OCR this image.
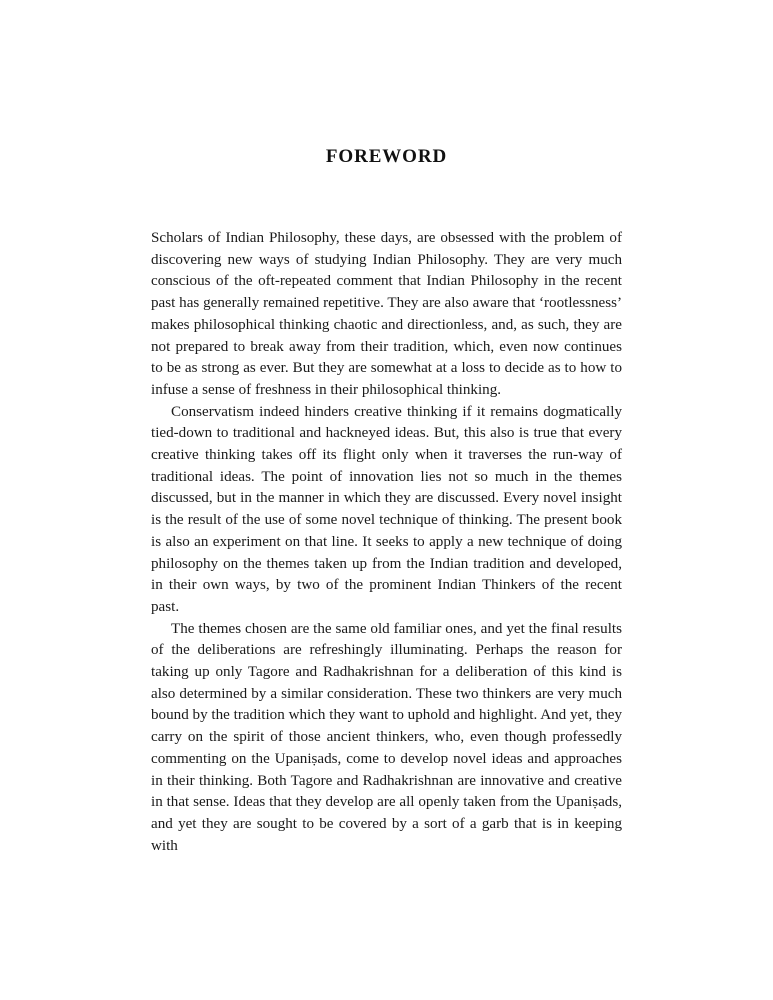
FOREWORD

Scholars of Indian Philosophy, these days, are obsessed with the problem of discovering new ways of studying Indian Philosophy. They are very much conscious of the oft-repeated comment that Indian Philosophy in the recent past has generally remained repetitive. They are also aware that ‘rootlessness’ makes philosophical thinking chaotic and directionless, and, as such, they are not prepared to break away from their tradition, which, even now continues to be as strong as ever. But they are somewhat at a loss to decide as to how to infuse a sense of freshness in their philosophical thinking.

Conservatism indeed hinders creative thinking if it remains dogmatically tied-down to traditional and hackneyed ideas. But, this also is true that every creative thinking takes off its flight only when it traverses the run-way of traditional ideas. The point of innovation lies not so much in the themes discussed, but in the manner in which they are discussed. Every novel insight is the result of the use of some novel technique of thinking. The present book is also an experiment on that line. It seeks to apply a new technique of doing philosophy on the themes taken up from the Indian tradition and developed, in their own ways, by two of the prominent Indian Thinkers of the recent past.

The themes chosen are the same old familiar ones, and yet the final results of the deliberations are refreshingly illuminating. Perhaps the reason for taking up only Tagore and Radhakrishnan for a deliberation of this kind is also determined by a similar consideration. These two thinkers are very much bound by the tradition which they want to uphold and highlight. And yet, they carry on the spirit of those ancient thinkers, who, even though professedly commenting on the Upaniṣads, come to develop novel ideas and approaches in their thinking. Both Tagore and Radhakrishnan are innovative and creative in that sense. Ideas that they develop are all openly taken from the Upaniṣads, and yet they are sought to be covered by a sort of a garb that is in keeping with
